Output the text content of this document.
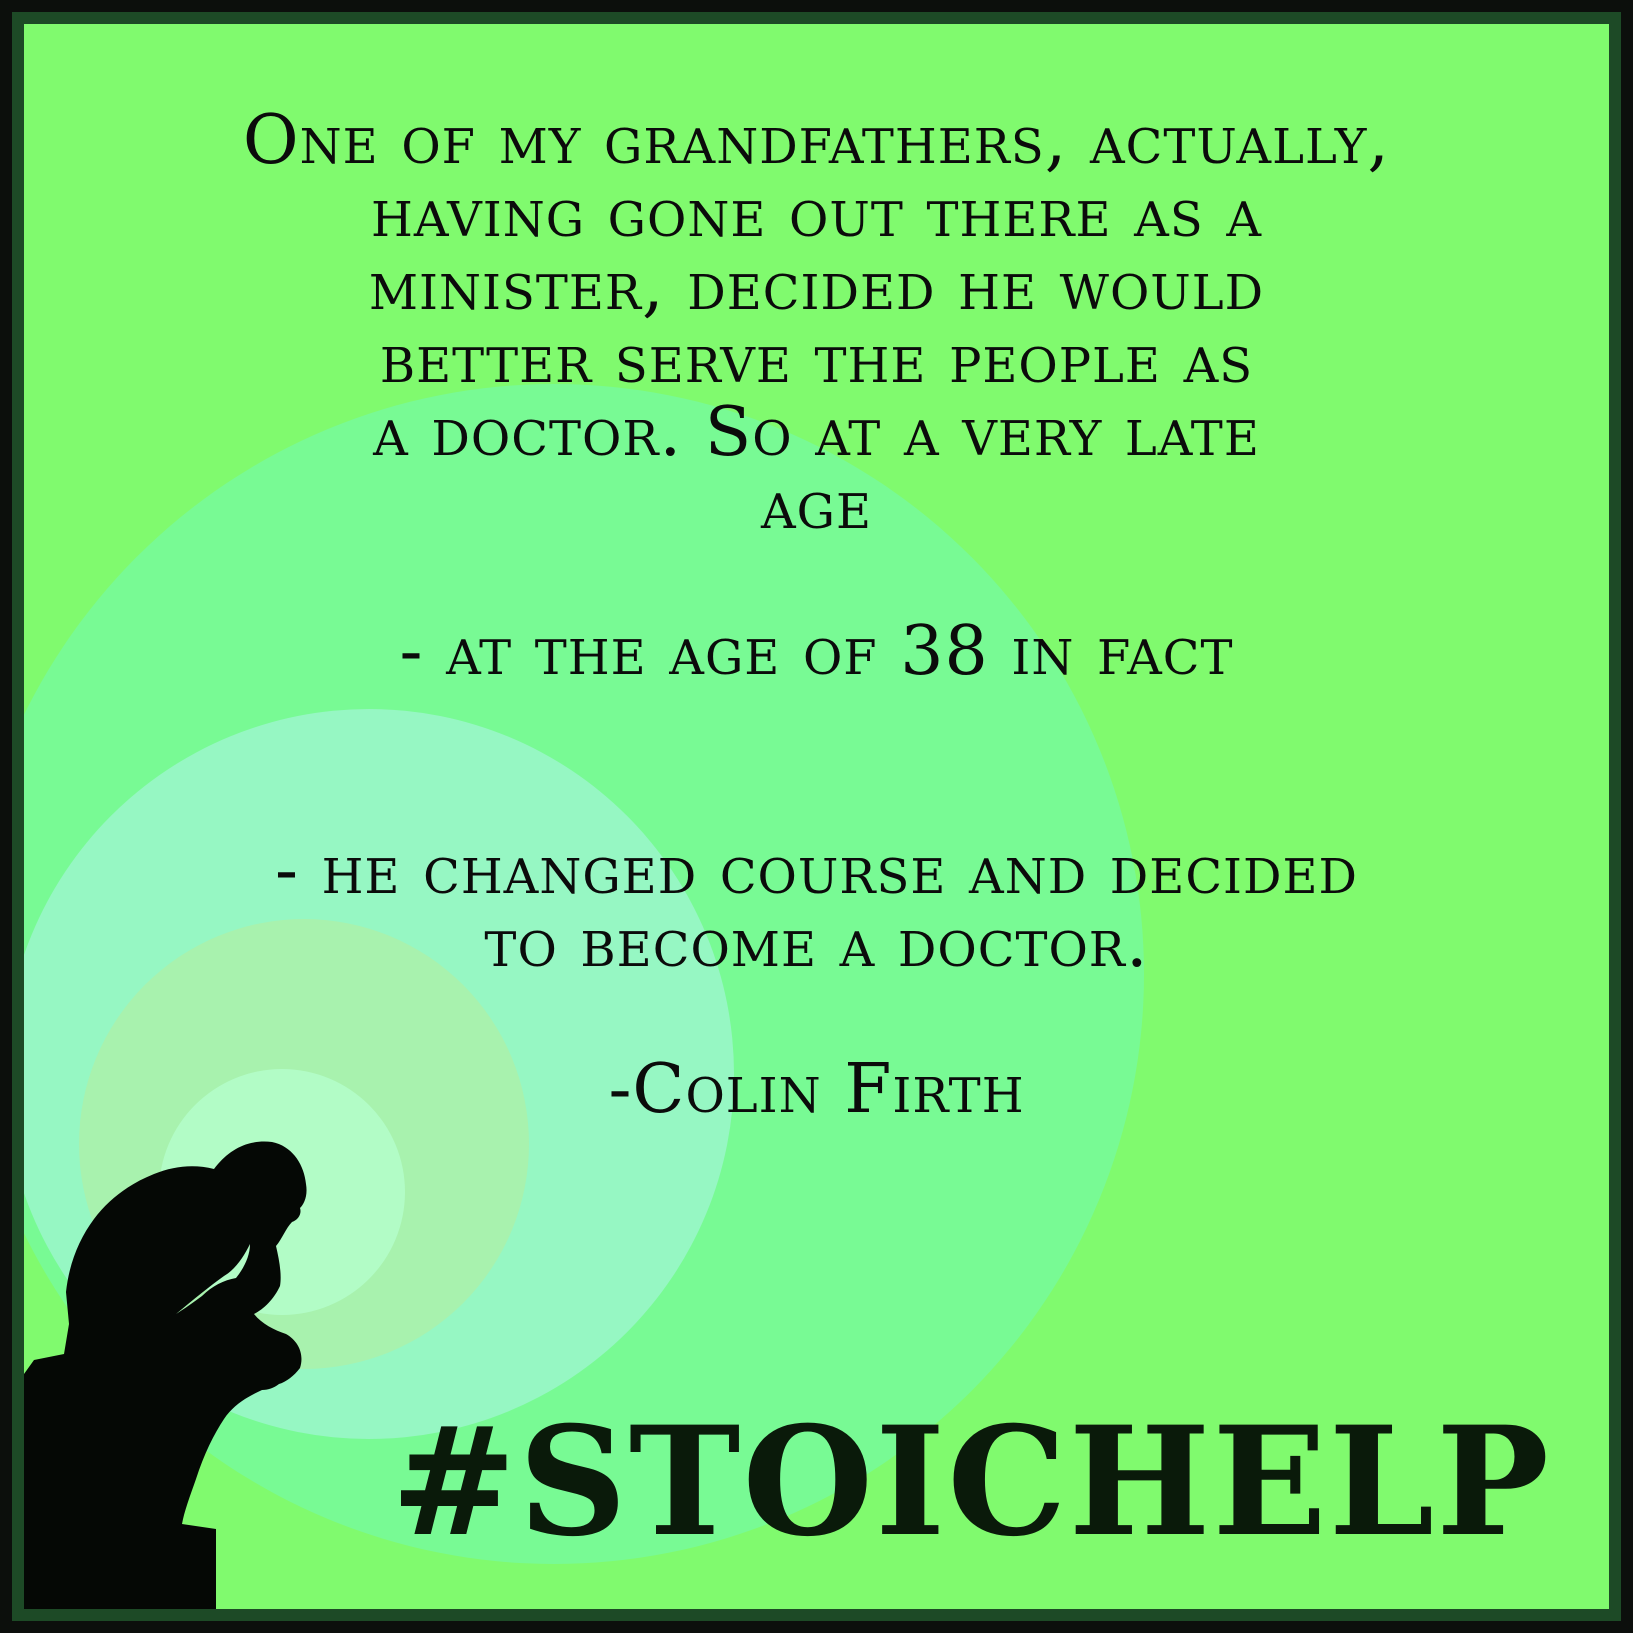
One of my grandfathers, actually,

having gone out there as a

minister, decided he would

better serve the people as

a doctor. So at a very late

age

- at the age of 38 in fact

- he changed course and decided

to become a doctor.

-Colin Firth

#STOICHELP
